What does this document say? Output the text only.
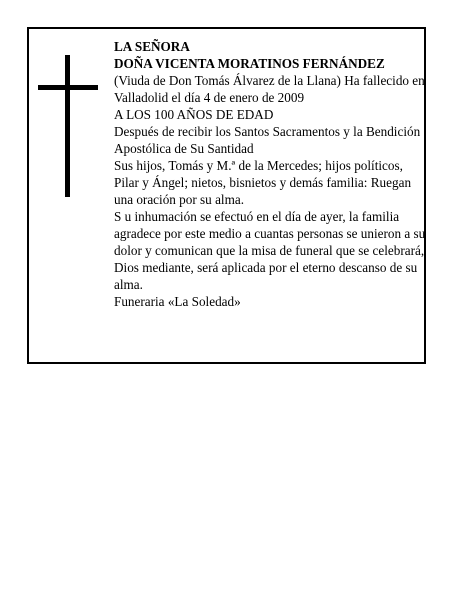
LA SEÑORA

DOÑA VICENTA MORATINOS FERNÁNDEZ

(Viuda de Don Tomás Álvarez de la Llana) Ha fallecido en Valladolid el día 4 de enero de 2009

A LOS 100 AÑOS DE EDAD

Después de recibir los Santos Sacramentos y la Bendición Apostólica de Su Santidad

Sus hijos, Tomás y M.ª de la Mercedes; hijos políticos, Pilar y Ángel; nietos, bisnietos y demás familia: Ruegan una oración por su alma.

S u inhumación se efectuó en el día de ayer, la familia agradece por este medio a cuantas personas se unieron a su dolor y comunican que la misa de funeral que se celebrará, Dios mediante, será aplicada por el eterno descanso de su alma.

Funeraria «La Soledad»
